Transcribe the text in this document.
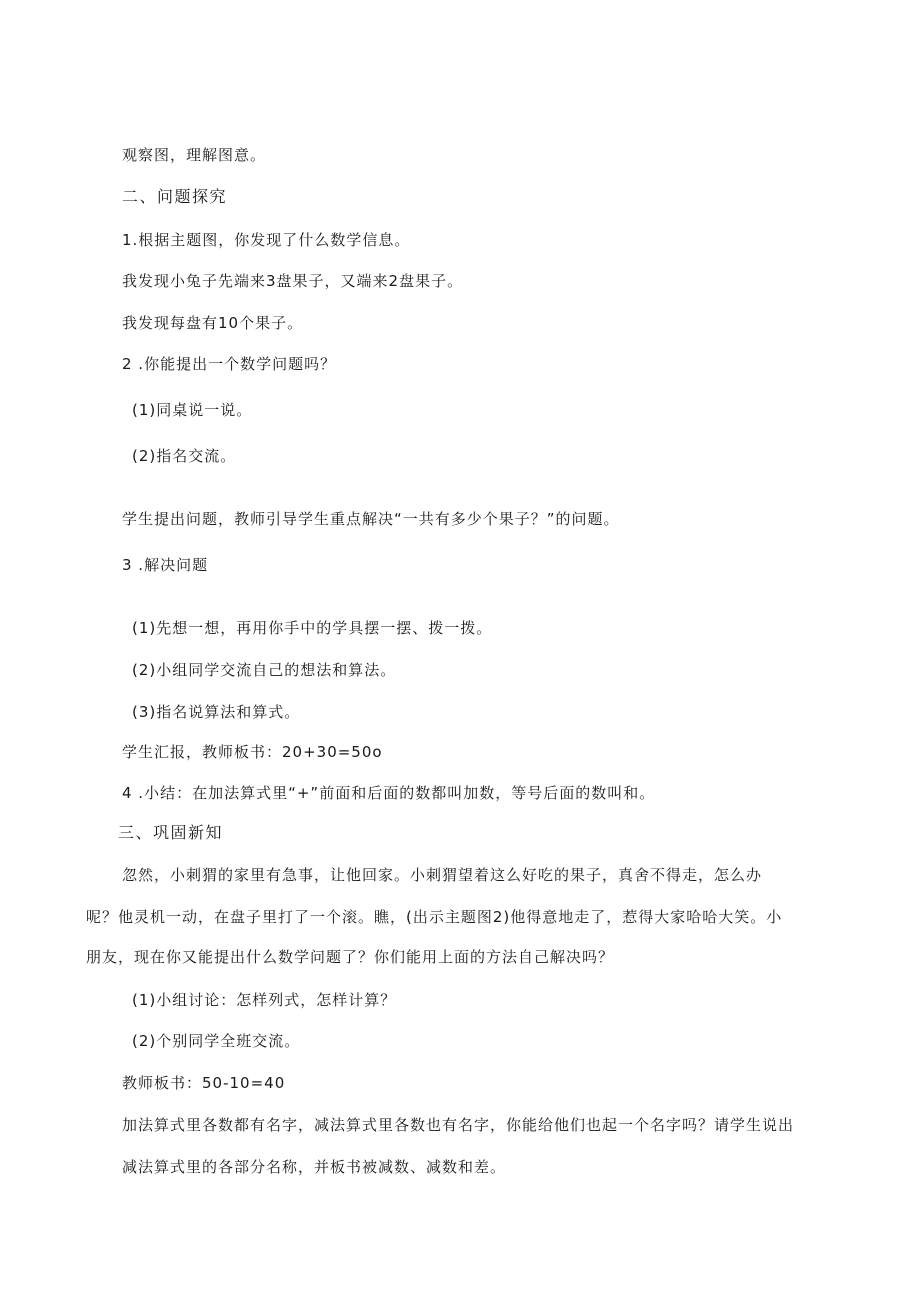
观察图，理解图意。
二、问题探究
1.根据主题图，你发现了什么数学信息。
我发现小兔子先端来3盘果子，又端来2盘果子。
我发现每盘有10个果子。
2 .你能提出一个数学问题吗？
(1)同桌说一说。
(2)指名交流。
学生提出问题，教师引导学生重点解决“一共有多少个果子？”的问题。
3 .解决问题
(1)先想一想，再用你手中的学具摆一摆、拨一拨。
(2)小组同学交流自己的想法和算法。
(3)指名说算法和算式。
学生汇报，教师板书：20+30=50o
4 .小结：在加法算式里“+”前面和后面的数都叫加数，等号后面的数叫和。
三、巩固新知
忽然，小刺猬的家里有急事，让他回家。小刺猬望着这么好吃的果子，真舍不得走，怎么办
呢？他灵机一动，在盘子里打了一个滚。瞧，(出示主题图2)他得意地走了，惹得大家哈哈大笑。小
朋友，现在你又能提出什么数学问题了？你们能用上面的方法自己解决吗？
(1)小组讨论：怎样列式，怎样计算？
(2)个别同学全班交流。
教师板书：50-10=40
加法算式里各数都有名字，减法算式里各数也有名字，你能给他们也起一个名字吗？请学生说出
减法算式里的各部分名称，并板书被减数、减数和差。
